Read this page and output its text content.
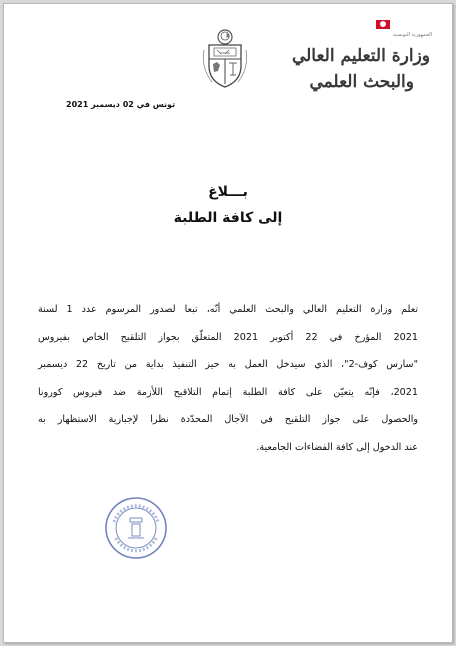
الجمهورية التونسية
وزارة التعليم العالي
والبحث العلمي
تونس في 02 ديسمبر 2021
بـــلاغ
إلى كافة الطلبة
تعلم وزارة التعليم العالي والبحث العلمي أنّه، تبعا لصدور المرسوم عدد 1 لسنة
2021 المؤرخ في 22 أكتوبر 2021 المتعلّق بجواز التلقيح الخاص بفيروس
"سارس كوف-2"، الذي سيدخل العمل به حيز التنفيذ بداية من تاريخ 22 ديسمبر
2021، فإنّه يتعيّن على كافة الطلبة إتمام التلاقيح اللأزمة ضد فيروس كورونا
والحصول على جواز التلقيح في الآجال المحدّدة نظرا لإجبارية الاستظهار به
عند الدخول إلى كافة الفضاءات الجامعية.
